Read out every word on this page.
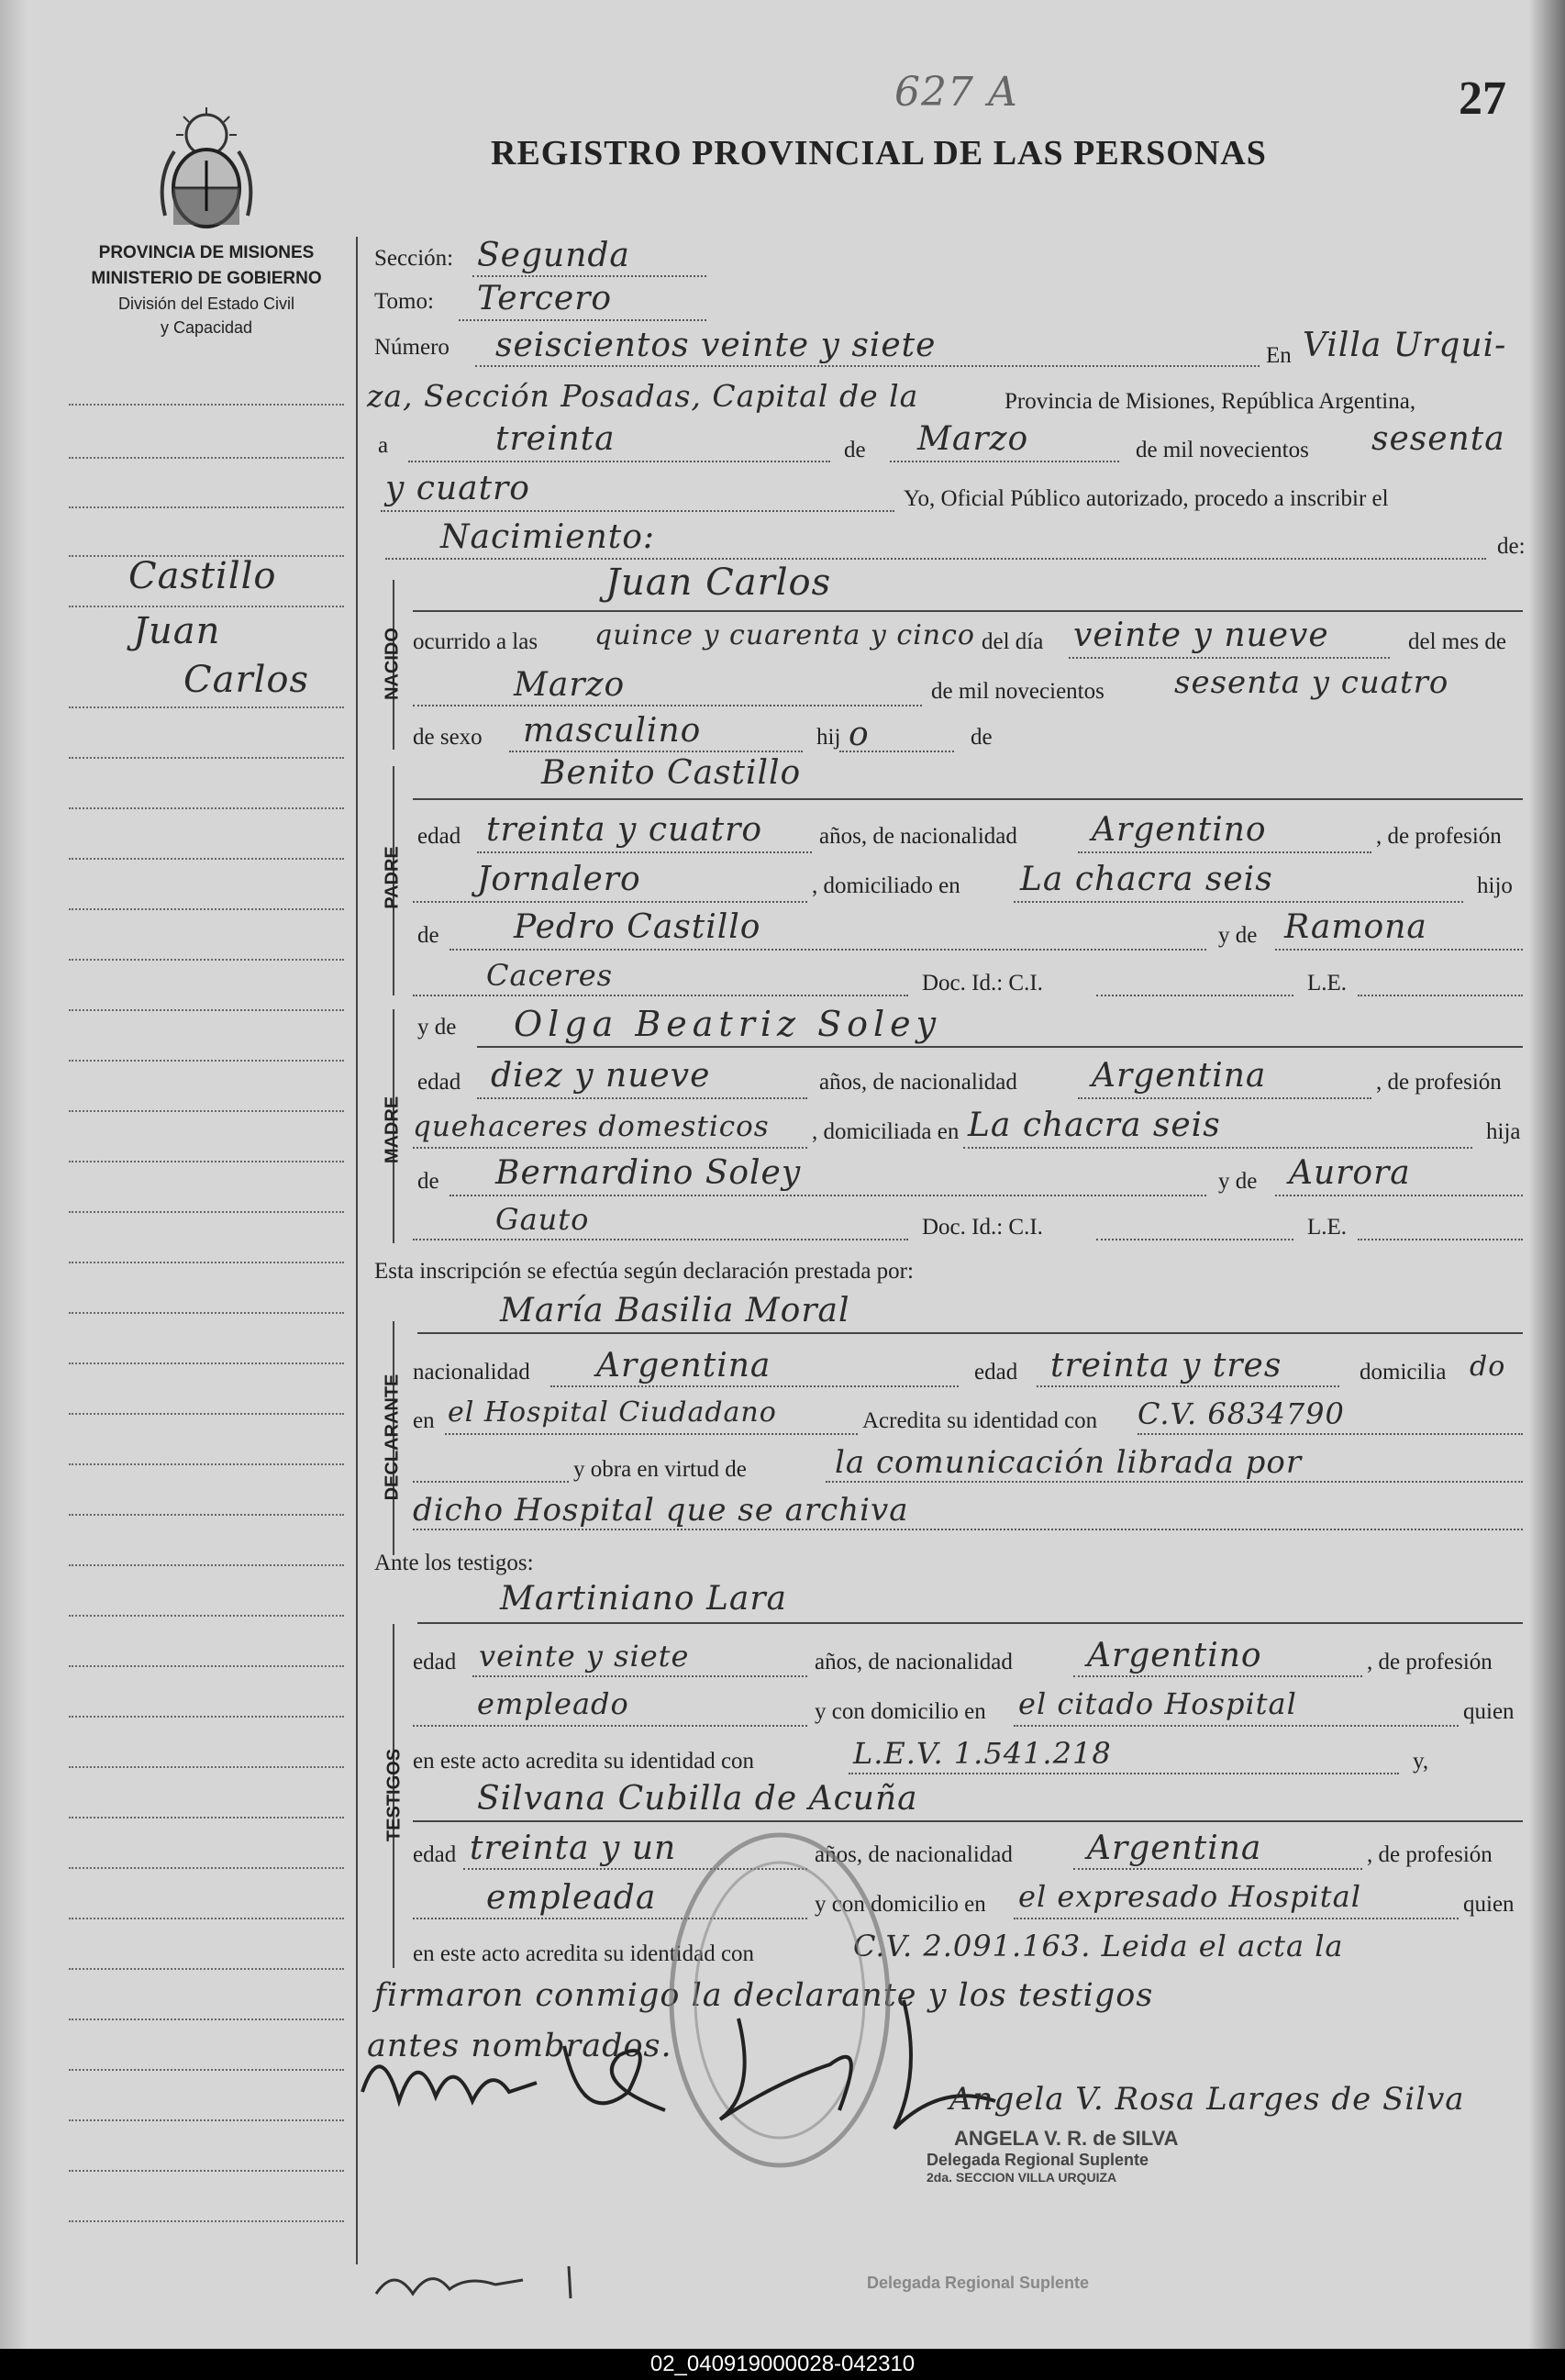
627 A	27
REGISTRO PROVINCIAL DE LAS PERSONAS
PROVINCIA DE MISIONES
MINISTERIO DE GOBIERNO
División del Estado Civil
y Capacidad
Castillo
Juan
Carlos
Sección: Segunda
Tomo: Tercero
Número seiscientos veinte y siete	En Villa Urqui-
za, Sección Posadas, Capital de la	Provincia de Misiones, República Argentina,
a	treinta	de Marzo	de mil novecientos sesenta
y cuatro	Yo, Oficial Público autorizado, procedo a inscribir el
Nacimiento:	de:
NACIDO
Juan Carlos
ocurrido a las quince y cuarenta y cinco del día veinte y nueve	del mes de
Marzo	de mil novecientos sesenta y cuatro
de sexo masculino	hij o	de
PADRE
Benito Castillo
edad treinta y cuatro años, de nacionalidad Argentino	, de profesión
Jornalero	, domiciliado en La chacra seis	hijo
de Pedro Castillo	y de Ramona
Caceres	Doc. Id.: C.I.	L.E.
MADRE
y de Olga Beatriz Soley
edad diez y nueve	años, de nacionalidad Argentina	, de profesión
quehaceres domesticos , domiciliada en La chacra seis	hija
de Bernardino Soley	y de Aurora
Gauto	Doc. Id.: C.I.	L.E.
Esta inscripción se efectúa según declaración prestada por:
María Basilia Moral
DECLARANTE
nacionalidad Argentina	edad treinta y tres	domicilia do
en el Hospital Ciudadano	Acredita su identidad con C.V. 6834790
y obra en virtud de	la comunicación librada por
dicho Hospital que se archiva
Ante los testigos:
Martiniano Lara
TESTIGOS
edad veinte y siete	años, de nacionalidad Argentino	, de profesión
empleado	y con domicilio en el citado Hospital	quien
en este acto acredita su identidad con	L.E.V. 1.541.218	y,
Silvana Cubilla de Acuña
edad treinta y un	años, de nacionalidad Argentina	, de profesión
empleada	y con domicilio en el expresado Hospital	quien
en este acto acredita su identidad con	C.V. 2.091.163. Leida el acta la
firmaron conmigo la declarante y los testigos
antes nombrados.
Angela V. Rosa Larges de Silva
ANGELA V. R. de SILVA
Delegada Regional Suplente
2da. SECCION VILLA URQUIZA
Delegada Regional Suplente
02_040919000028-042310
